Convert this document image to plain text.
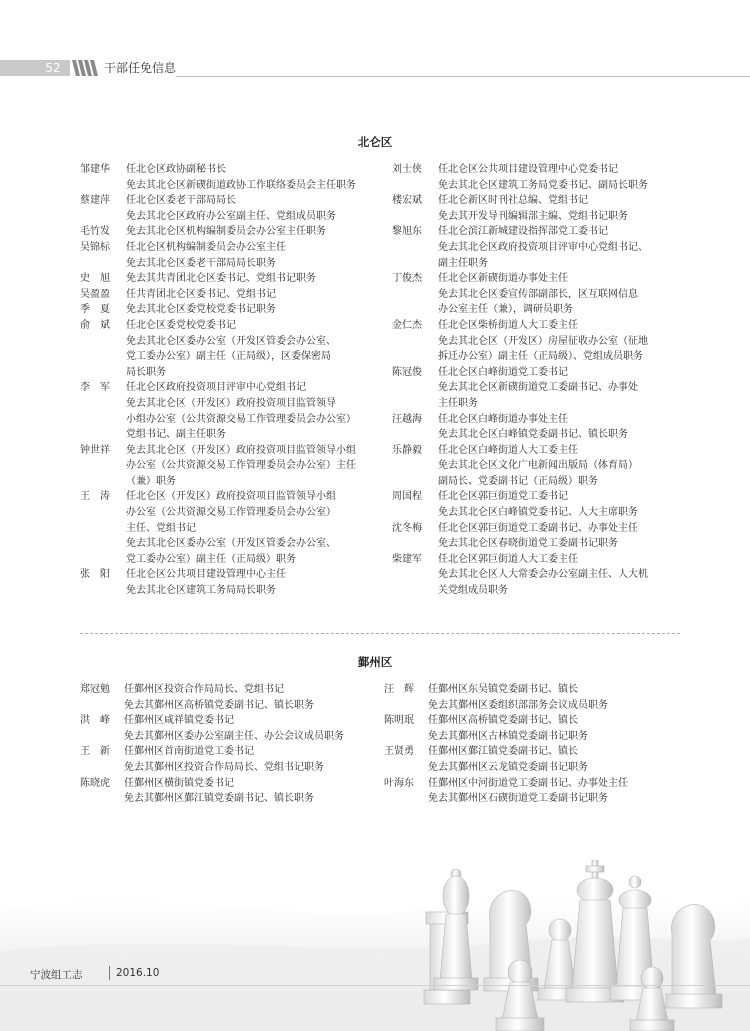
52	干部任免信息
北仑区
邹建华 任北仑区政协副秘书长
免去其北仑区新碶街道政协工作联络委员会主任职务
蔡建萍 任北仑区委老干部局局长
免去其北仑区政府办公室副主任、党组成员职务
毛竹发 免去其北仑区机构编制委员会办公室主任职务
吴锦标 任北仑区机构编制委员会办公室主任
免去其北仑区委老干部局局长职务
史　旭 免去其共青团北仑区委书记、党组书记职务
吴盈盈 任共青团北仑区委书记、党组书记
季　夏 免去其北仑区委党校党委书记职务
俞　斌 任北仑区委党校党委书记
免去其北仑区委办公室（开发区管委会办公室、
党工委办公室）副主任（正局级），区委保密局
局长职务
李　军 任北仑区政府投资项目评审中心党组书记
免去其北仑区（开发区）政府投资项目监管领导
小组办公室（公共资源交易工作管理委员会办公室）
党组书记、副主任职务
钟世祥 免去其北仑区（开发区）政府投资项目监管领导小组
办公室（公共资源交易工作管理委员会办公室）主任
（兼）职务
王　涛 任北仑区（开发区）政府投资项目监管领导小组
办公室（公共资源交易工作管理委员会办公室）
主任、党组书记
免去其北仑区委办公室（开发区管委会办公室、
党工委办公室）副主任（正局级）职务
张　阳 任北仑区公共项目建设管理中心主任
免去其北仑区建筑工务局局长职务
刘士侠 任北仑区公共项目建设管理中心党委书记
免去其北仑区建筑工务局党委书记、副局长职务
楼宏斌 任北仑新区时刊社总编、党组书记
免去其开发导刊编辑部主编、党组书记职务
黎旭东 任北仑滨江新城建设指挥部党工委书记
免去其北仑区政府投资项目评审中心党组书记、
副主任职务
丁俊杰 任北仑区新碶街道办事处主任
免去其北仑区委宣传部副部长，区互联网信息
办公室主任（兼），调研员职务
金仁杰 任北仑区柴桥街道人大工委主任
免去其北仑区（开发区）房屋征收办公室（征地
拆迁办公室）副主任（正局级）、党组成员职务
陈冠俊 任北仑区白峰街道党工委书记
免去其北仑区新碶街道党工委副书记、办事处
主任职务
汪越海 任北仑区白峰街道办事处主任
免去其北仑区白峰镇党委副书记、镇长职务
乐静毅 任北仑区白峰街道人大工委主任
免去其北仑区文化广电新闻出版局（体育局）
副局长、党委副书记（正局级）职务
周国程 任北仑区郭巨街道党工委书记
免去其北仑区白峰镇党委书记、人大主席职务
沈冬梅 任北仑区郭巨街道党工委副书记、办事处主任
免去其北仑区春晓街道党工委副书记职务
柴建军 任北仑区郭巨街道人大工委主任
免去其北仑区人大常委会办公室副主任、人大机
关党组成员职务
鄞州区
郑冠勉 任鄞州区投资合作局局长、党组书记
免去其鄞州区高桥镇党委副书记、镇长职务
洪　峰 任鄞州区咸祥镇党委书记
免去其鄞州区委办公室副主任、办公会议成员职务
王　新 任鄞州区首南街道党工委书记
免去其鄞州区投资合作局局长、党组书记职务
陈晓虎 任鄞州区横街镇党委书记
免去其鄞州区鄞江镇党委副书记、镇长职务
汪　辉 任鄞州区东吴镇党委副书记、镇长
免去其鄞州区委组织部部务会议成员职务
陈明珉 任鄞州区高桥镇党委副书记、镇长
免去其鄞州区古林镇党委副书记职务
王贤勇 任鄞州区鄞江镇党委副书记、镇长
免去其鄞州区云龙镇党委副书记职务
叶海东 任鄞州区中河街道党工委副书记、办事处主任
免去其鄞州区石碶街道党工委副书记职务
宁波组工志	2016.10
